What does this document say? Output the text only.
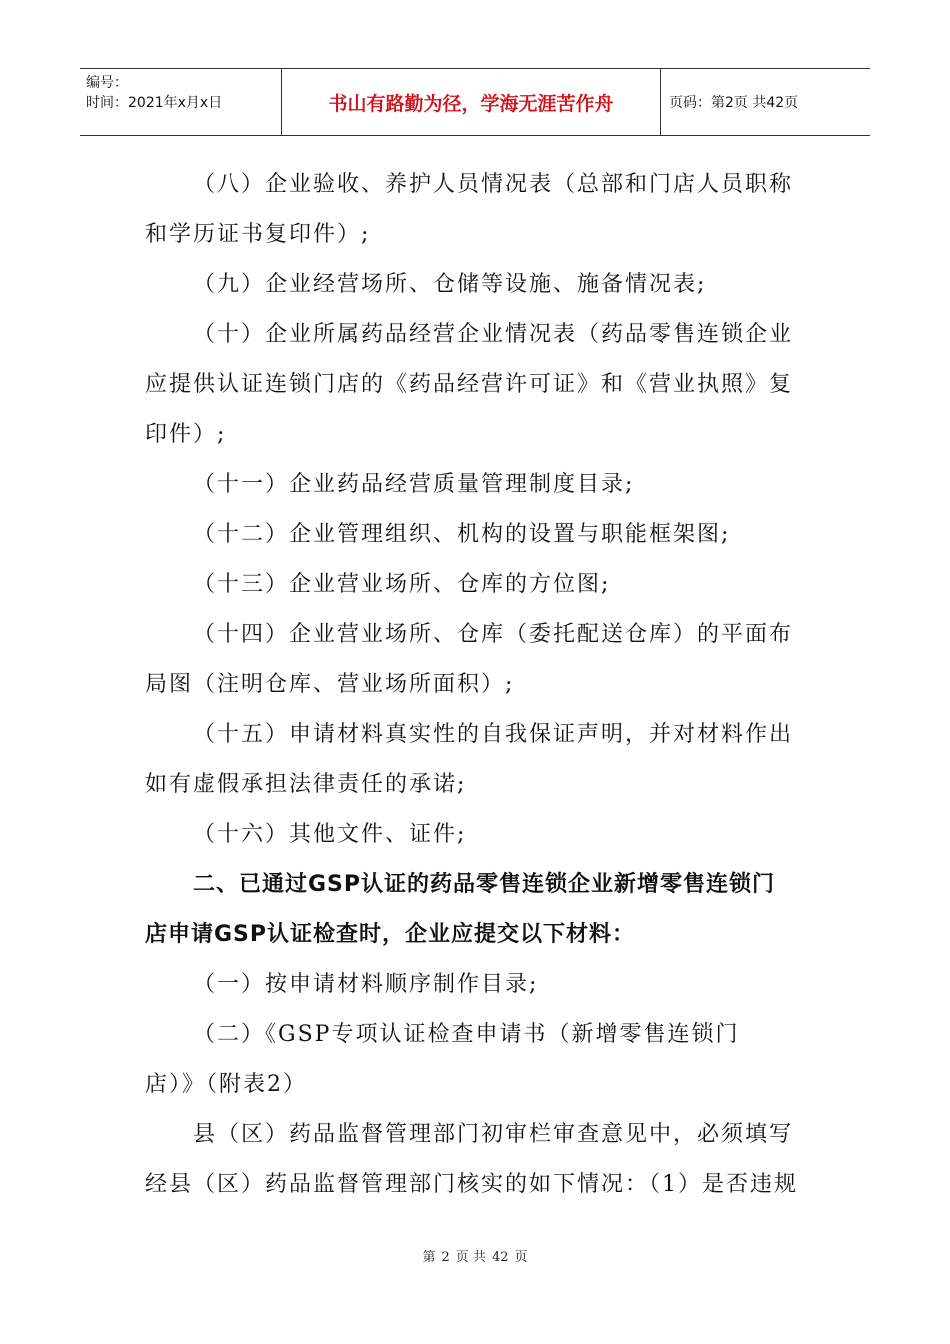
编号：
时间：2021年x月x日	书山有路勤为径，学海无涯苦作舟	页码：第2页 共42页

（八）企业验收、养护人员情况表（总部和门店人员职称

和学历证书复印件）;

（九）企业经营场所、仓储等设施、施备情况表;

（十）企业所属药品经营企业情况表（药品零售连锁企业

应提供认证连锁门店的《药品经营许可证》和《营业执照》复

印件）;

（十一）企业药品经营质量管理制度目录;

（十二）企业管理组织、机构的设置与职能框架图;

（十三）企业营业场所、仓库的方位图;

（十四）企业营业场所、仓库（委托配送仓库）的平面布

局图（注明仓库、营业场所面积）;

（十五）申请材料真实性的自我保证声明，并对材料作出

如有虚假承担法律责任的承诺;

（十六）其他文件、证件;

二、已通过GSP认证的药品零售连锁企业新增零售连锁门

店申请GSP认证检查时，企业应提交以下材料：

（一）按申请材料顺序制作目录;

（二）《GSP专项认证检查申请书（新增零售连锁门

店）》（附表2）

县（区）药品监督管理部门初审栏审查意见中，必须填写

经县（区）药品监督管理部门核实的如下情况：（1）是否违规

第 2 页 共 42 页
